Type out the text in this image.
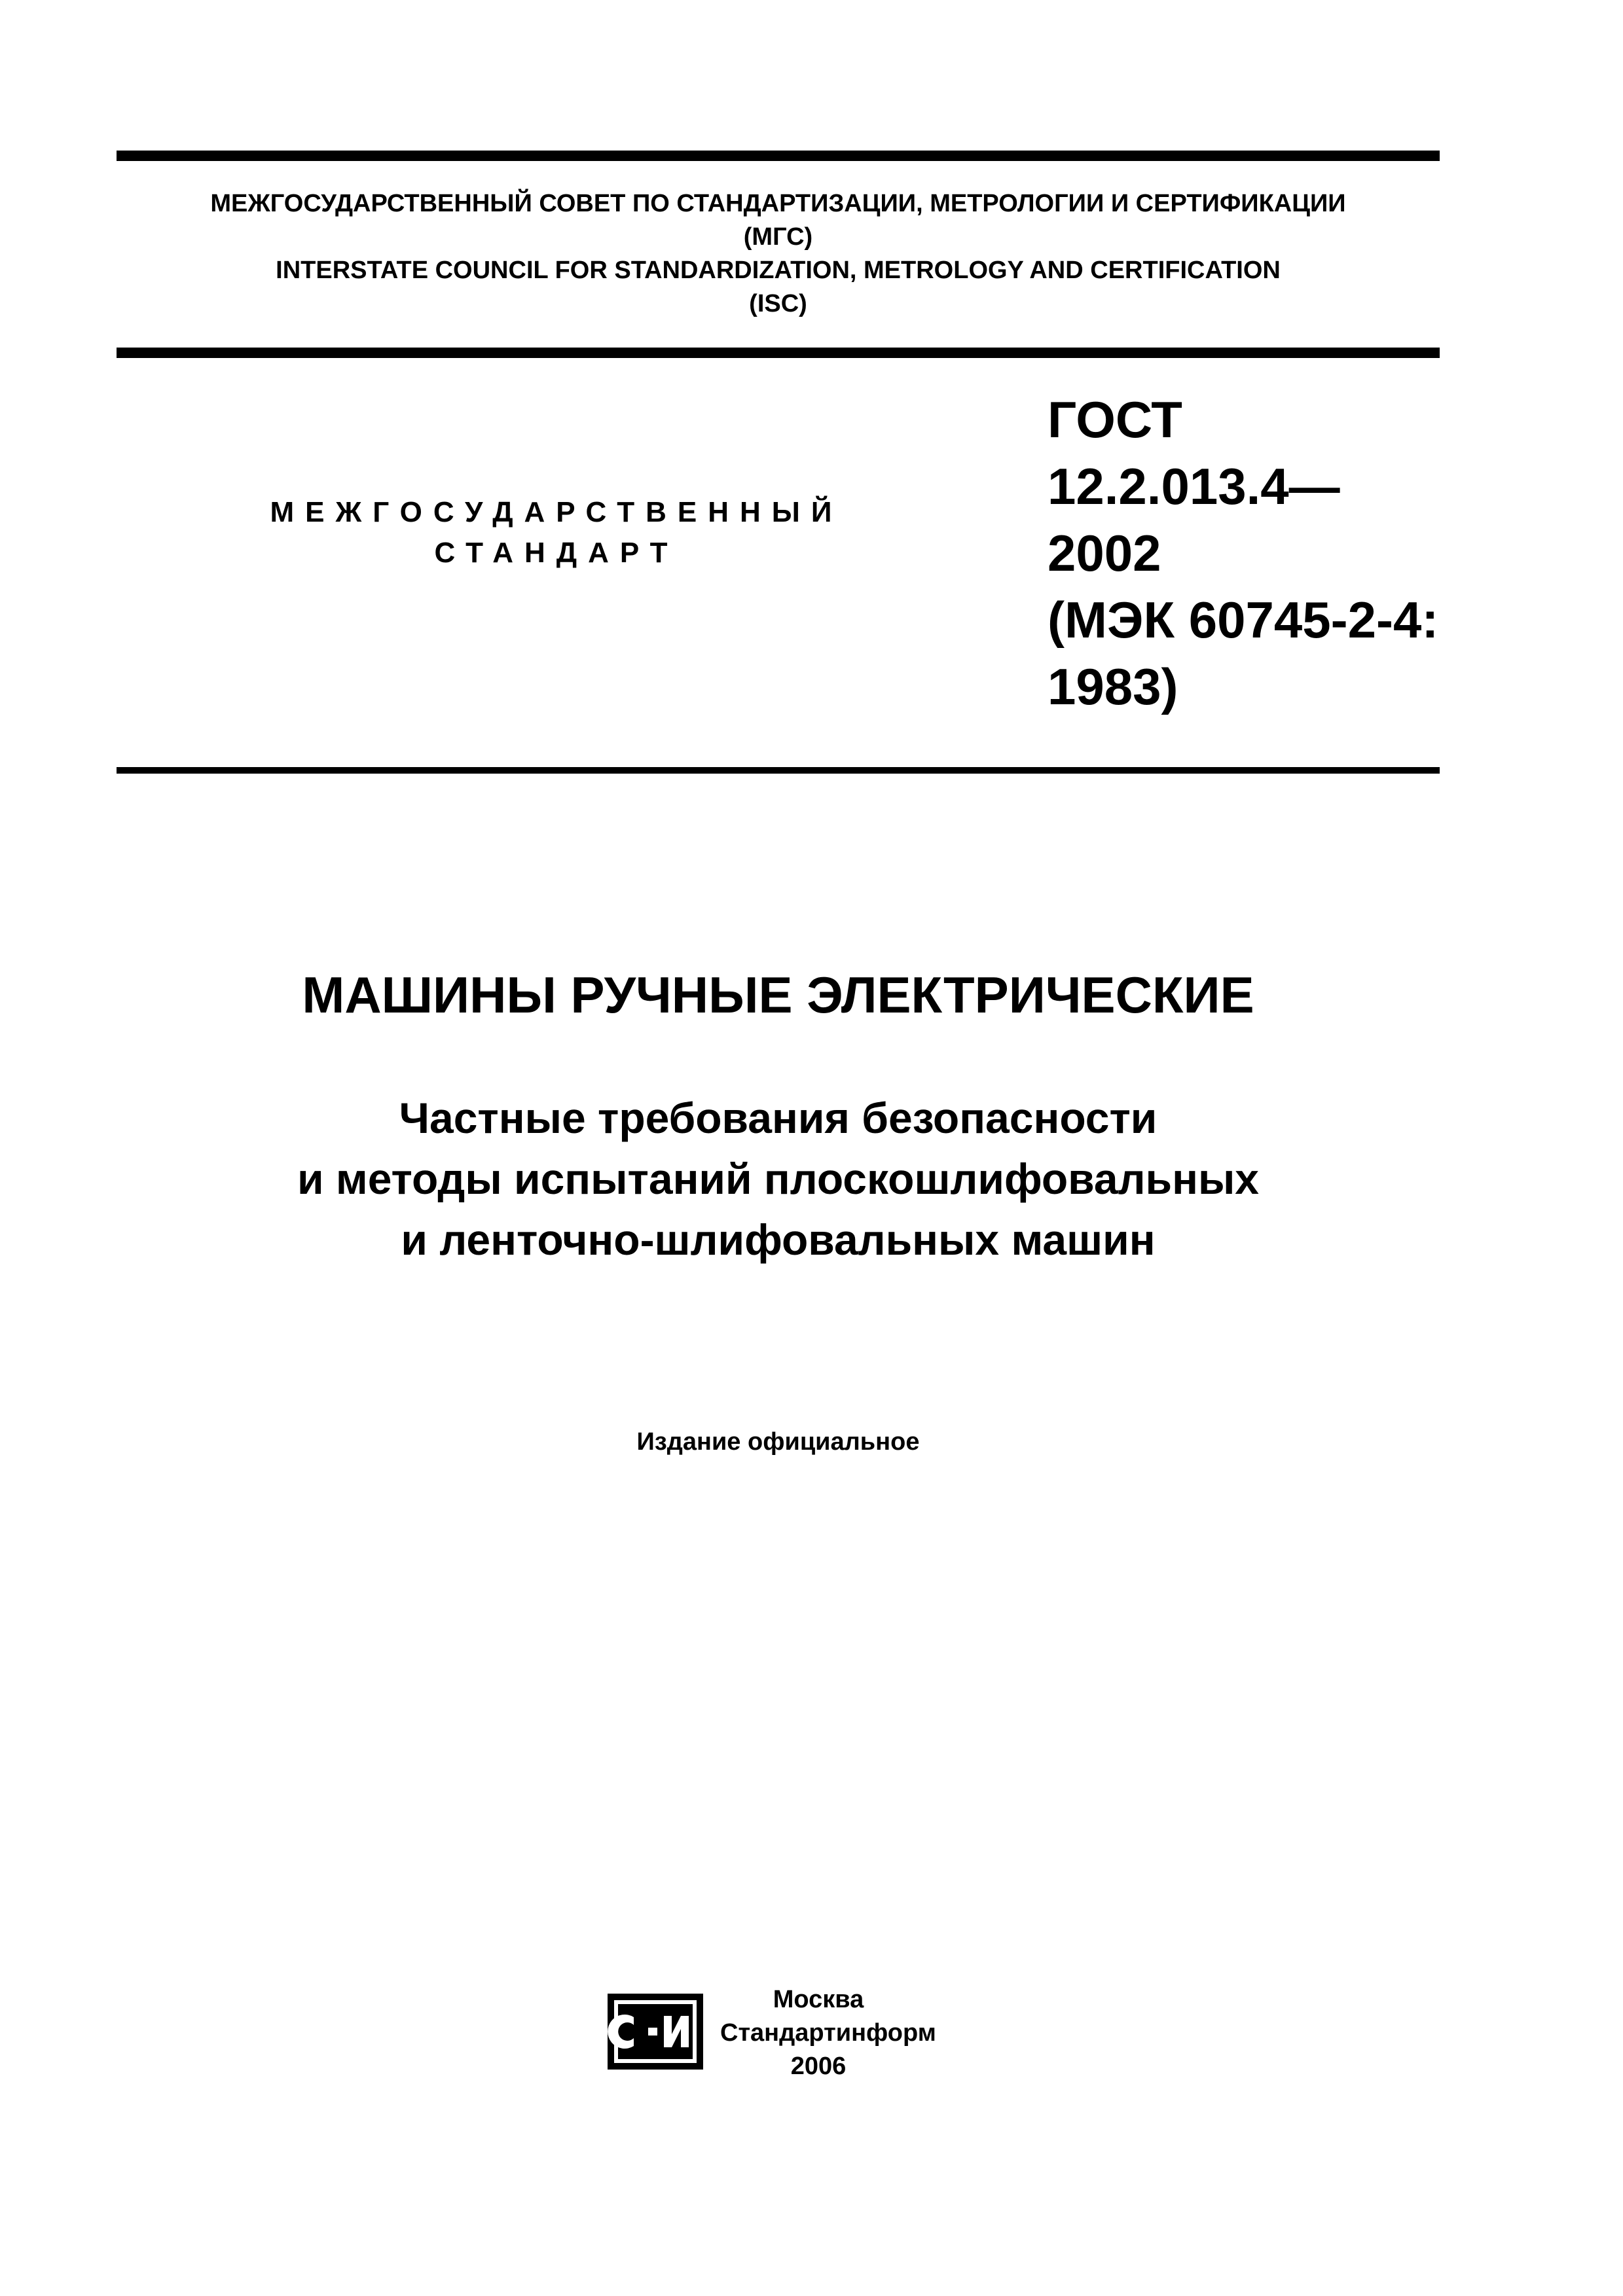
МЕЖГОСУДАРСТВЕННЫЙ СОВЕТ ПО СТАНДАРТИЗАЦИИ, МЕТРОЛОГИИ И СЕРТИФИКАЦИИ
(МГС)
INTERSTATE COUNCIL FOR STANDARDIZATION, METROLOGY AND CERTIFICATION
(ISC)
МЕЖГОСУДАРСТВЕННЫЙ
СТАНДАРТ
ГОСТ
12.2.013.4—
2002
(МЭК 60745-2-4:
1983)
МАШИНЫ РУЧНЫЕ ЭЛЕКТРИЧЕСКИЕ
Частные требования безопасности
и методы испытаний плоскошлифовальных
и ленточно-шлифовальных машин
Издание официальное
Москва
Стандартинформ
2006
